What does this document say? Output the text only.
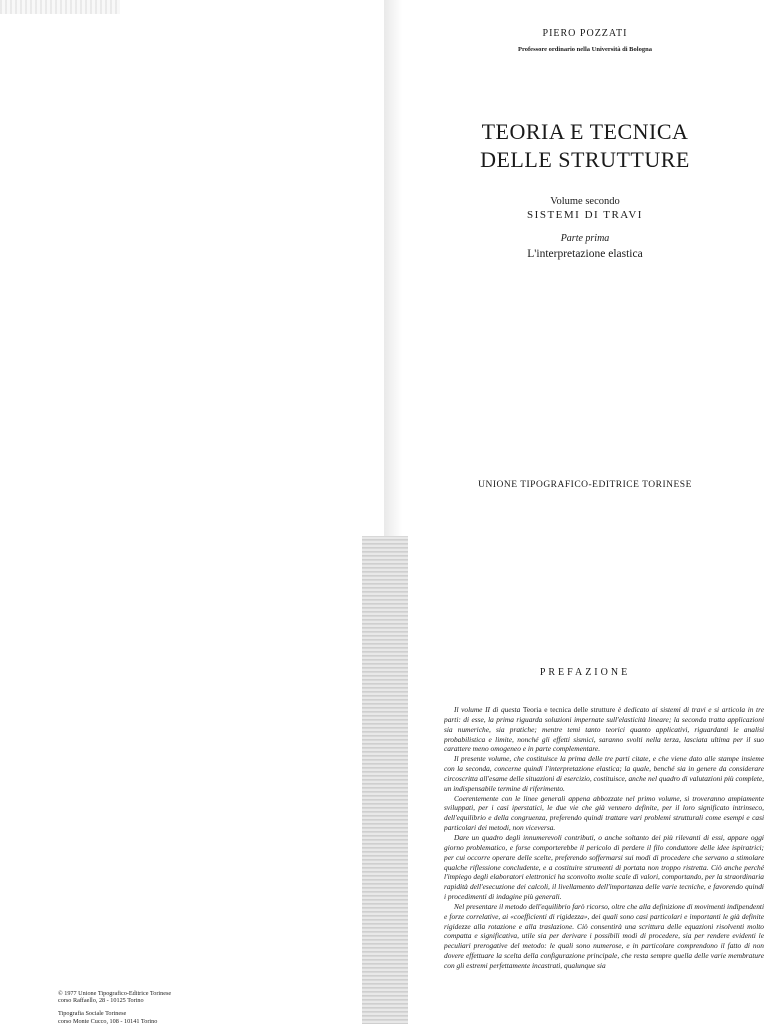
© 1977 Unione Tipografico-Editrice Torinese
corso Raffaello, 28 - 10125 Torino
Tipografia Sociale Torinese
corso Monte Cucco, 108 - 10141 Torino
PIERO POZZATI
Professore ordinario nella Università di Bologna
TEORIA E TECNICA
DELLE STRUTTURE
Volume secondo
SISTEMI DI TRAVI
Parte prima
L'interpretazione elastica
UNIONE TIPOGRAFICO-EDITRICE TORINESE
PREFAZIONE

Il volume II di questa Teoria e tecnica delle strutture è dedicato ai sistemi di travi e si articola in tre parti: di esse, la prima riguarda soluzioni impernate sull'elasticità lineare; la seconda tratta applicazioni sia numeriche, sia pratiche; mentre temi tanto teorici quanto applicativi, riguardanti le analisi probabilistica e limite, nonché gli effetti sismici, saranno svolti nella terza, lasciata ultima per il suo carattere meno omogeneo e in parte complementare.

Il presente volume, che costituisce la prima delle tre parti citate, e che viene dato alle stampe insieme con la seconda, concerne quindi l'interpretazione elastica; la quale, benché sia in genere da considerare circoscritta all'esame delle situazioni di esercizio, costituisce, anche nel quadro di valutazioni più complete, un indispensabile termine di riferimento.

Coerentemente con le linee generali appena abbozzate nel primo volume, si troveranno ampiamente sviluppati, per i casi iperstatici, le due vie che già vennero definite, per il loro significato intrinseco, dell'equilibrio e della congruenza, preferendo quindi trattare vari problemi strutturali come esempi e casi particolari dei metodi, non viceversa.

Dare un quadro degli innumerevoli contributi, o anche soltanto dei più rilevanti di essi, appare oggi giorno problematico, e forse comporterebbe il pericolo di perdere il filo conduttore delle idee ispiratrici; per cui occorre operare delle scelte, preferendo soffermarsi sui modi di procedere che servano a stimolare qualche riflessione concludente, e a costituire strumenti di portata non troppo ristretta. Ciò anche perché l'impiego degli elaboratori elettronici ha sconvolto molte scale di valori, comportando, per la straordinaria rapidità dell'esecuzione dei calcoli, il livellamento dell'importanza delle varie tecniche, e favorendo quindi i procedimenti di indagine più generali.

Nel presentare il metodo dell'equilibrio farò ricorso, oltre che alla definizione di movimenti indipendenti e forze correlative, ai «coefficienti di rigidezza», dei quali sono casi particolari e importanti le già definite rigidezze alla rotazione e alla traslazione. Ciò consentirà una scrittura delle equazioni risolventi molto compatta e significativa, utile sia per derivare i possibili modi di procedere, sia per rendere evidenti le peculiari prerogative del metodo: le quali sono numerose, e in particolare comprendono il fatto di non dovere effettuare la scelta della configurazione principale, che resta sempre quella delle varie membrature con gli estremi perfettamente incastrati, qualunque sia
